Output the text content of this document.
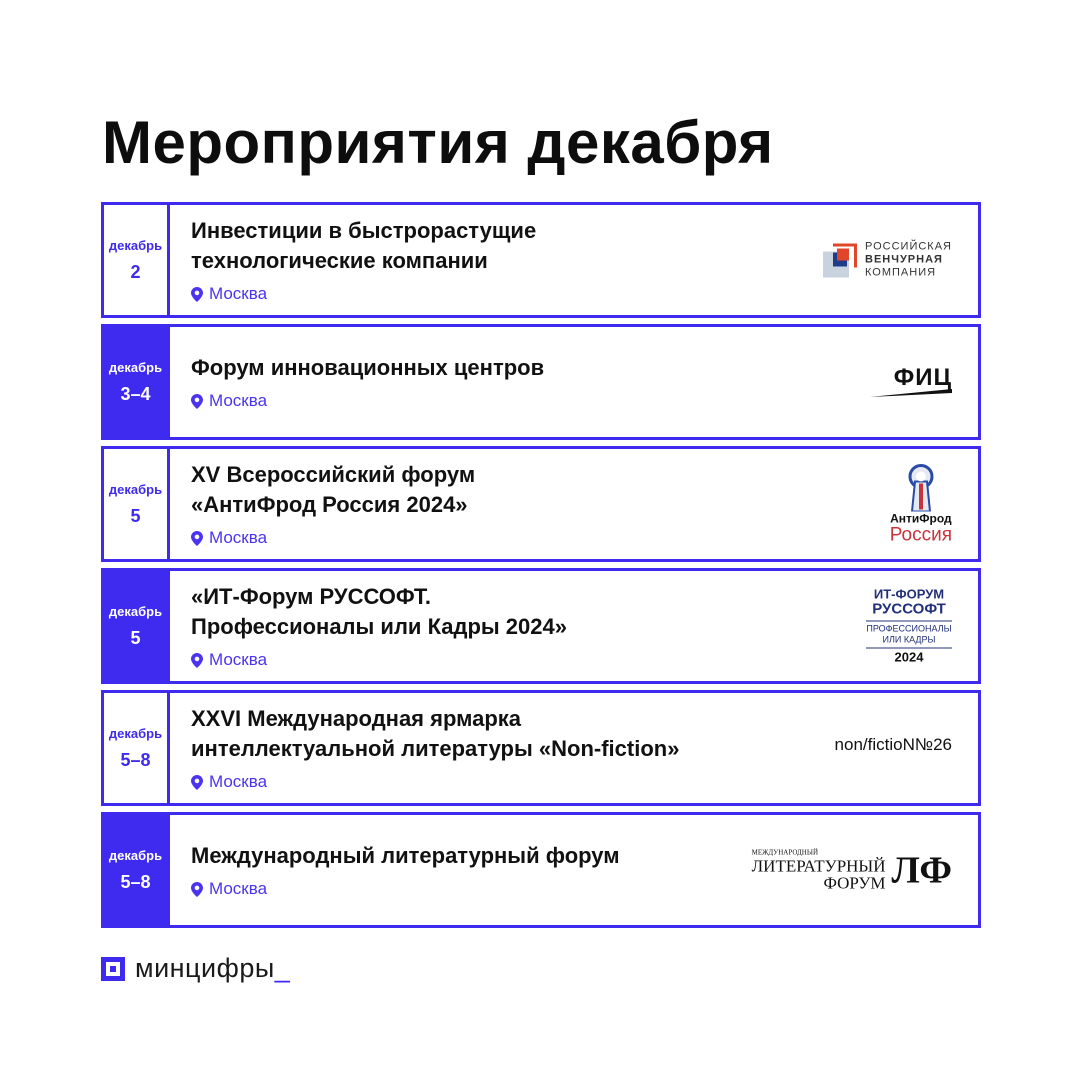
Мероприятия декабря
декабрь
2
Инвестиции в быстрорастущие
технологические компании
Москва
РОССИЙСКАЯ
ВЕНЧУРНАЯ
КОМПАНИЯ
декабрь
3–4
Форум инновационных центров
Москва
ФИЦ
декабрь
5
XV Всероссийский форум
«АнтиФрод Россия 2024»
Москва
АнтиФрод
Россия
декабрь
5
«ИТ-Форум РУССОФТ.
Профессионалы или Кадры 2024»
Москва
ИТ-ФОРУМ
РУССОФТ
ПРОФЕССИОНАЛЫ
ИЛИ КАДРЫ
2024
декабрь
5–8
XXVI Международная ярмарка
интеллектуальной литературы «Non-fiction»
Москва
non/fictioN№26
декабрь
5–8
Международный литературный форум
Москва
МЕЖДУНАРОДНЫЙ
ЛИТЕРАТУРНЫЙ
ФОРУМ ЛФ
минцифры_
